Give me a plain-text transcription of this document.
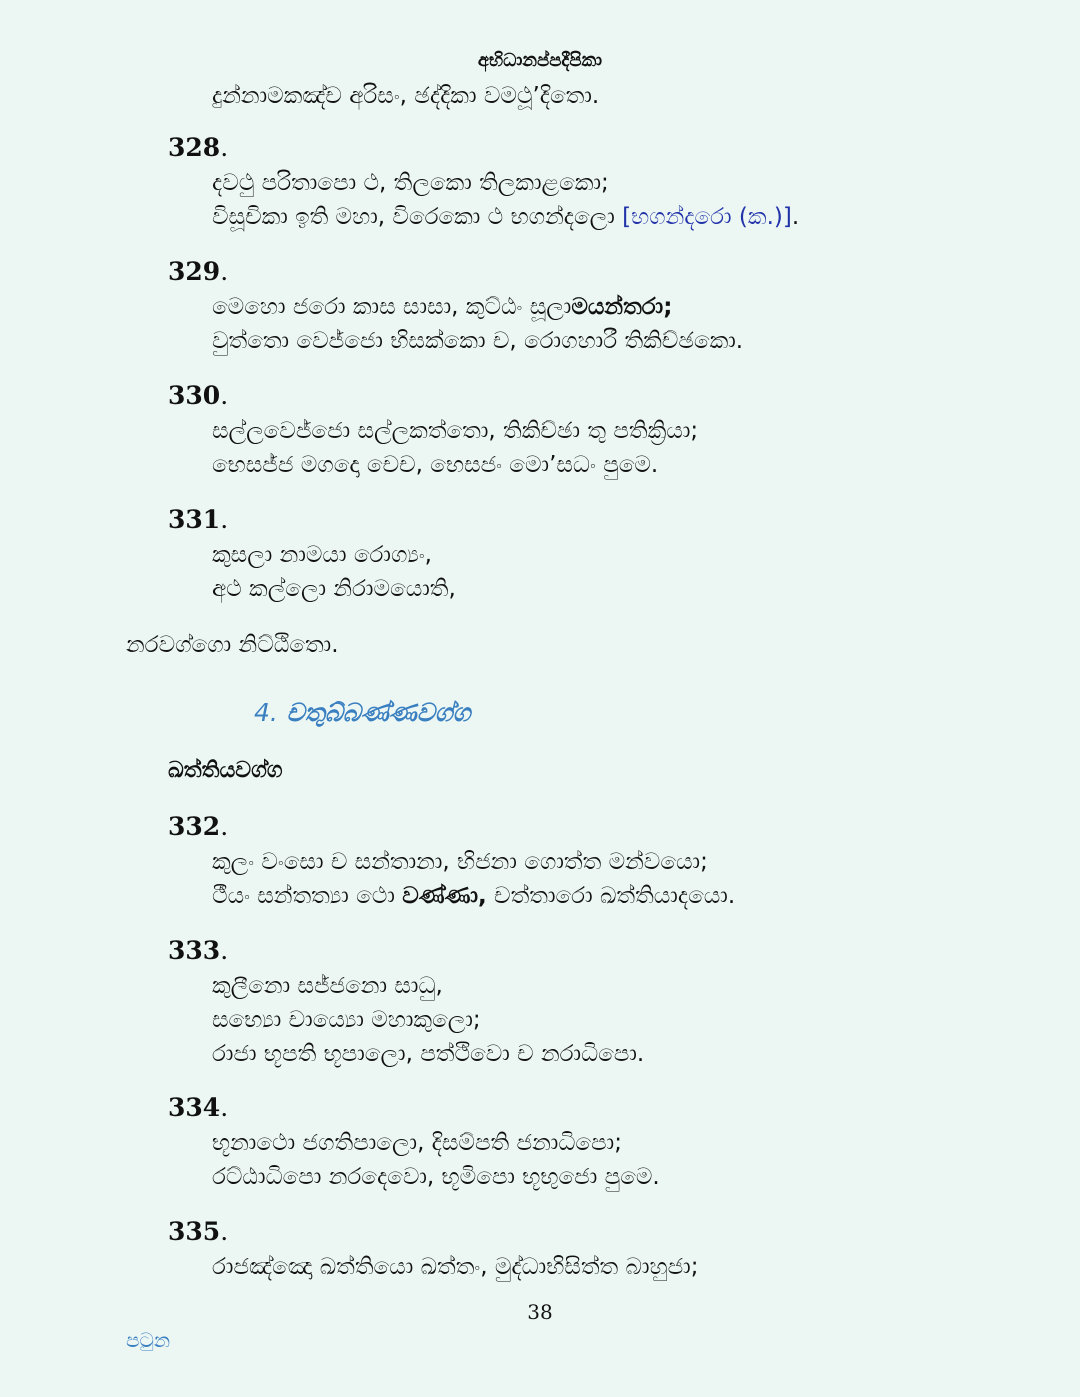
අභිධානප්පදීපිකා
දුන්නාමකඤ්ච අරිසං, ඡද්දිකා වමථූ’දිතො.
328.
දවථු පරිතාපො ථ, තිලකො තිලකාළකො;
විසූචිකා ඉති මහා, විරෙකො ථ භගන්දලො [භගන්දරො (ක.)].
329.
මෙහො ජරො කාස සාසා, කුට්ඨං සූලාමයන්තරා;
වුත්තො වෙජ්ජො භිසක්කො ච, රොගහාරී තිකිච්ඡකො.
330.
සල්ලවෙජ්ජො සල්ලකත්තො, තිකිච්ඡා තු පතික්‍රියා;
භෙසජ්ජ මගදො චෙච, භෙසජං මො’සධං පුමෙ.
331.
කුසලා නාමයා රොග්‍යං,
අථ කල්ලො නිරාමයොති,
නරවග්ගො නිට්ඨිතො.
4. චතුබ්බණ්ණවග්ග
ඛත්තියවග්ග
332.
කුලං වංසො ච සන්තානා, භිජනා ගොත්ත මන්වයො;
ථීයං සන්තත්‍යා ථො වණ්ණා, චත්තාරො ඛත්තියාදයො.
333.
කුලීනො සජ්ජනො සාධු,
සභ්‍යො චාය්‍යො මහාකුලො;
රාජා භූපති භූපාලො, පත්ථිවො ච නරාධිපො.
334.
භූනාථො ජගතිපාලො, දිසම්පති ජනාධිපො;
රට්ඨාධිපො නරදෙවො, භූමිපො භූභුජො පුමෙ.
335.
රාජඤ්ඤො ඛත්තියො ඛත්තං, මුද්ධාභිසිත්ත බාහුජා;
38
පටුන
